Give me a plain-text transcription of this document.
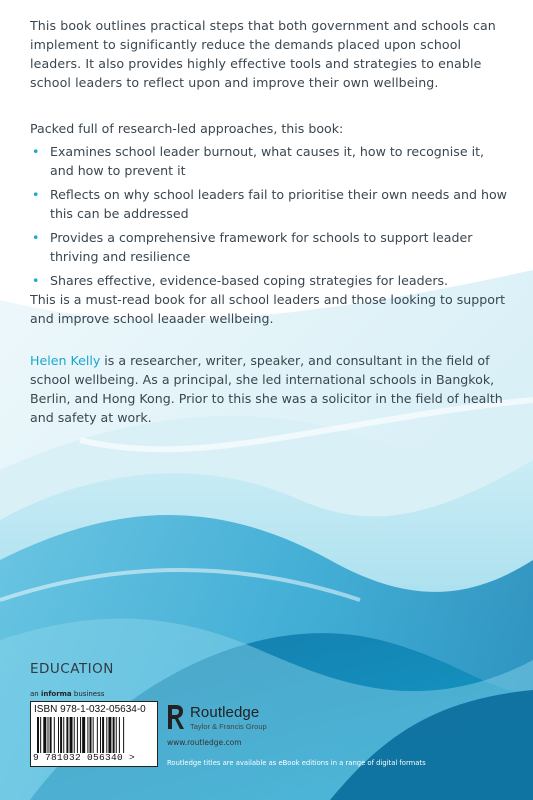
This book outlines practical steps that both government and schools can implement to significantly reduce the demands placed upon school leaders. It also provides highly effective tools and strategies to enable school leaders to reflect upon and improve their own wellbeing.
Packed full of research-led approaches, this book:
• Examines school leader burnout, what causes it, how to recognise it, and how to prevent it
• Reflects on why school leaders fail to prioritise their own needs and how this can be addressed
• Provides a comprehensive framework for schools to support leader thriving and resilience
• Shares effective, evidence-based coping strategies for leaders.
This is a must-read book for all school leaders and those looking to support and improve school leaader wellbeing.
Helen Kelly is a researcher, writer, speaker, and consultant in the field of school wellbeing. As a principal, she led international schools in Bangkok, Berlin, and Hong Kong. Prior to this she was a solicitor in the field of health and safety at work.
EDUCATION
an informa business
ISBN 978-1-032-05634-0
9 781032 056340 >
Routledge
Taylor & Francis Group
www.routledge.com
Routledge titles are available as eBook editions in a range of digital formats
